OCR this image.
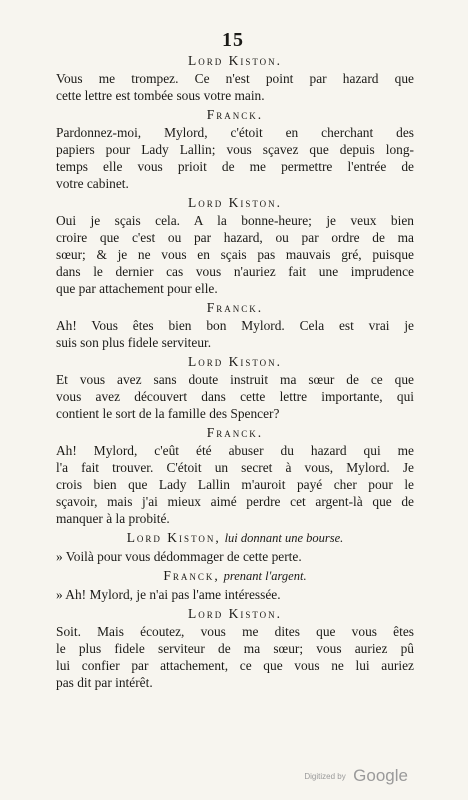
15
Lord Kiston.
Vous me trompez. Ce n'est point par hazard que
cette lettre est tombée sous votre main.
Franck.
Pardonnez-moi, Mylord, c'étoit en cherchant des
papiers pour Lady Lallin; vous sçavez que depuis long-
temps elle vous prioit de me permettre l'entrée de
votre cabinet.
Lord Kiston.
Oui je sçais cela. A la bonne-heure; je veux bien
croire que c'est ou par hazard, ou par ordre de ma
sœur; & je ne vous en sçais pas mauvais gré, puisque
dans le dernier cas vous n'auriez fait une imprudence
que par attachement pour elle.
Franck.
Ah! Vous êtes bien bon Mylord. Cela est vrai je
suis son plus fidele serviteur.
Lord Kiston.
Et vous avez sans doute instruit ma sœur de ce que
vous avez découvert dans cette lettre importante, qui
contient le sort de la famille des Spencer?
Franck.
Ah! Mylord, c'eût été abuser du hazard qui me
l'a fait trouver. C'étoit un secret à vous, Mylord. Je
crois bien que Lady Lallin m'auroit payé cher pour le
sçavoir, mais j'ai mieux aimé perdre cet argent-là que de
manquer à la probité.
Lord Kiston, lui donnant une bourse.
» Voilà pour vous dédommager de cette perte.
Franck, prenant l'argent.
» Ah! Mylord, je n'ai pas l'ame intéressée.
Lord Kiston.
Soit. Mais écoutez, vous me dites que vous êtes
le plus fidele serviteur de ma sœur; vous auriez pû
lui confier par attachement, ce que vous ne lui auriez
pas dit par intérêt.
Digitized by Google
